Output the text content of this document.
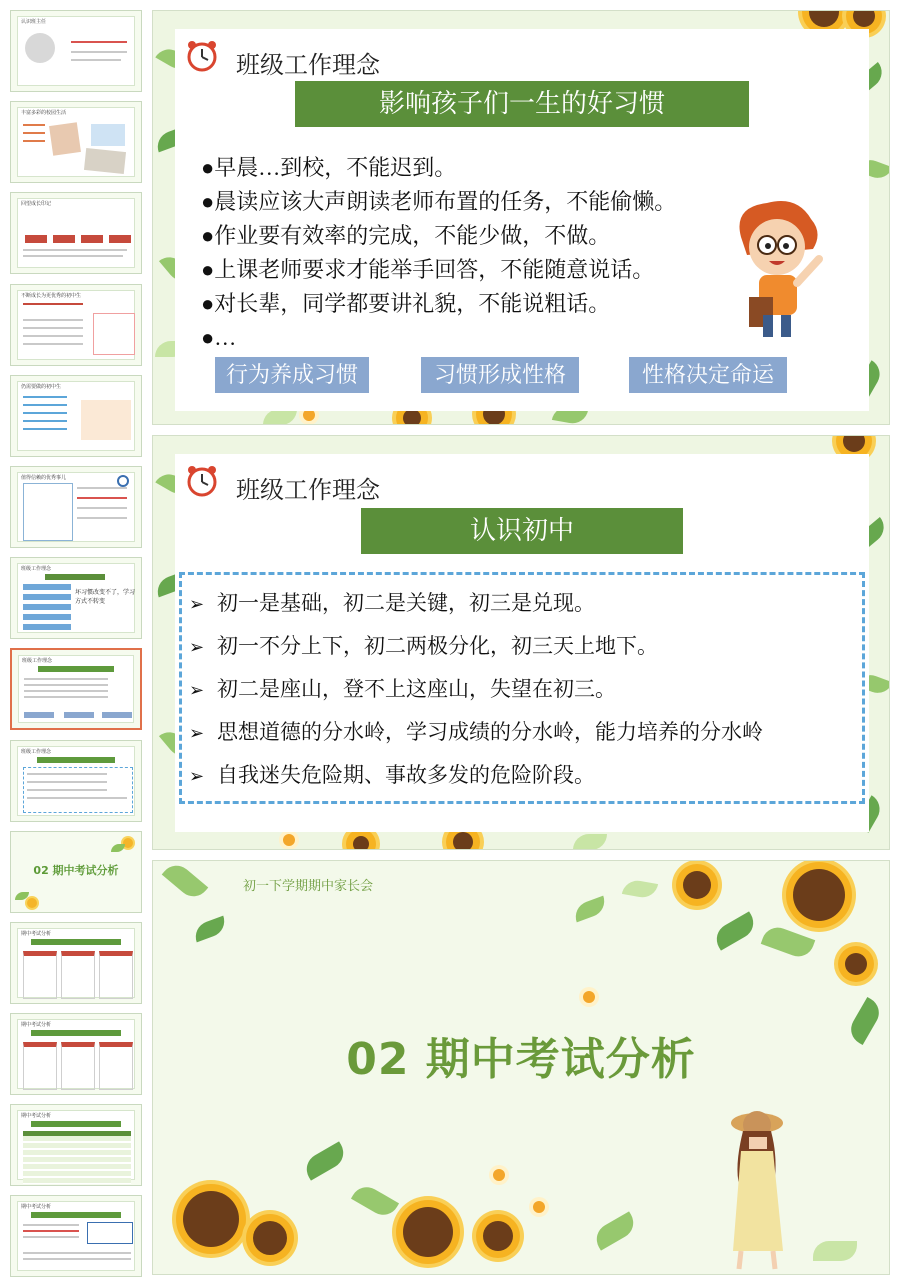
认识班主任
丰富多彩的校园生活
回望成长印记
不断成长为更优秀的初中生
仍需要做的初中生
值得信赖的优秀事儿
班级工作理念
坏习惯改变不了，学习方式不转变
班级工作理念
班级工作理念
02 期中考试分析
期中考试分析
期中考试分析
期中考试分析
期中考试分析
班级工作理念
影响孩子们一生的好习惯
●早晨…到校，不能迟到。
●晨读应该大声朗读老师布置的任务，不能偷懒。
●作业要有效率的完成，不能少做，不做。
●上课老师要求才能举手回答，不能随意说话。
●对长辈，同学都要讲礼貌，不能说粗话。
●…
行为养成习惯	习惯形成性格	性格决定命运
班级工作理念
认识初中
➢ 初一是基础，初二是关键，初三是兑现。
➢ 初一不分上下，初二两极分化，初三天上地下。
➢ 初二是座山，登不上这座山，失望在初三。
➢ 思想道德的分水岭，学习成绩的分水岭，能力培养的分水岭
➢ 自我迷失危险期、事故多发的危险阶段。
初一下学期期中家长会
02 期中考试分析
